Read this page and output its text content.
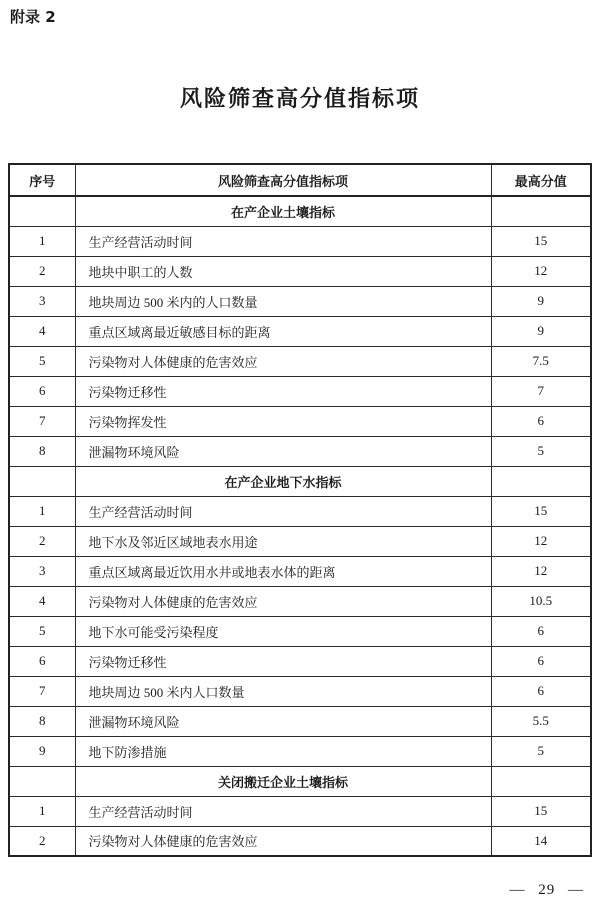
附录 2
风险筛查高分值指标项
序号	风险筛查高分值指标项	最高分值
	在产企业土壤指标	
1	生产经营活动时间	15
2	地块中职工的人数	12
3	地块周边 500 米内的人口数量	9
4	重点区域离最近敏感目标的距离	9
5	污染物对人体健康的危害效应	7.5
6	污染物迁移性	7
7	污染物挥发性	6
8	泄漏物环境风险	5
	在产企业地下水指标	
1	生产经营活动时间	15
2	地下水及邻近区域地表水用途	12
3	重点区域离最近饮用水井或地表水体的距离	12
4	污染物对人体健康的危害效应	10.5
5	地下水可能受污染程度	6
6	污染物迁移性	6
7	地块周边 500 米内人口数量	6
8	泄漏物环境风险	5.5
9	地下防渗措施	5
	关闭搬迁企业土壤指标	
1	生产经营活动时间	15
2	污染物对人体健康的危害效应	14
— 29 —
